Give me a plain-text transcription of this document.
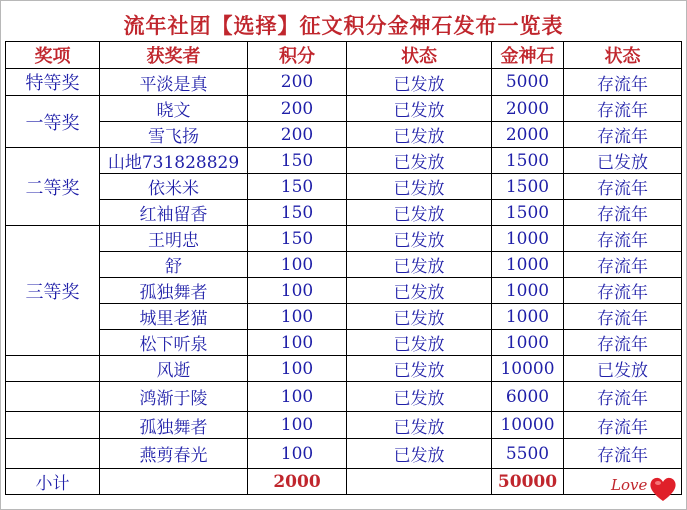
流年社团【选择】征文积分金神石发布一览表
奖项	获奖者	积分	状态	金神石	状态
特等奖	平淡是真	200	已发放	5000	存流年
一等奖	晓文	200	已发放	2000	存流年
	雪飞扬	200	已发放	2000	存流年
二等奖	山地731828829	150	已发放	1500	已发放
	依米米	150	已发放	1500	存流年
	红袖留香	150	已发放	1500	存流年
三等奖	王明忠	150	已发放	1000	存流年
	舒	100	已发放	1000	存流年
	孤独舞者	100	已发放	1000	存流年
	城里老猫	100	已发放	1000	存流年
	松下听泉	100	已发放	1000	存流年
	风逝	100	已发放	10000	已发放
	鸿渐于陵	100	已发放	6000	存流年
	孤独舞者	100	已发放	10000	存流年
	燕剪春光	100	已发放	5500	存流年
小计		2000		50000		Love
